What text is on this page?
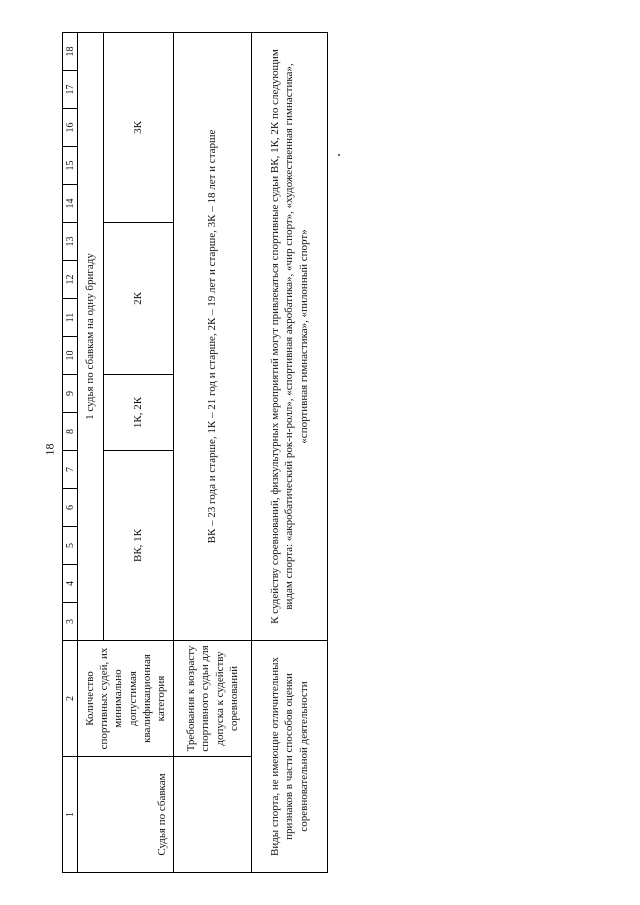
18
1	2	3	4	5	6	7	8	9	10	11	12	13	14	15	16	17	18
Судья по сбавкам	Количество спортивных судей, их минимально допустимая квалификационная категория	1 судья по сбавкам на одну бригаду															
		ВК, 1К					1К, 2К		2К				3К				
	Требования к возрасту спортивного судьи для допуска к судейству соревнований	ВК – 23 года и старше, 1К – 21 год и старше, 2К – 19 лет и старше, 3К – 18 лет и старше															
Виды спорта, не имеющие отличительных признаков в части способов оценки соревновательной деятельности		К судейству соревнований, физкультурных мероприятий могут привлекаться спортивные судьи ВК, 1К, 2К по следующим видам спорта: «акробатический рок-н-ролл», «спортивная акробатика», «чир спорт», «художественная гимнастика», «спортивная гимнастика», «пилонный спорт»															
